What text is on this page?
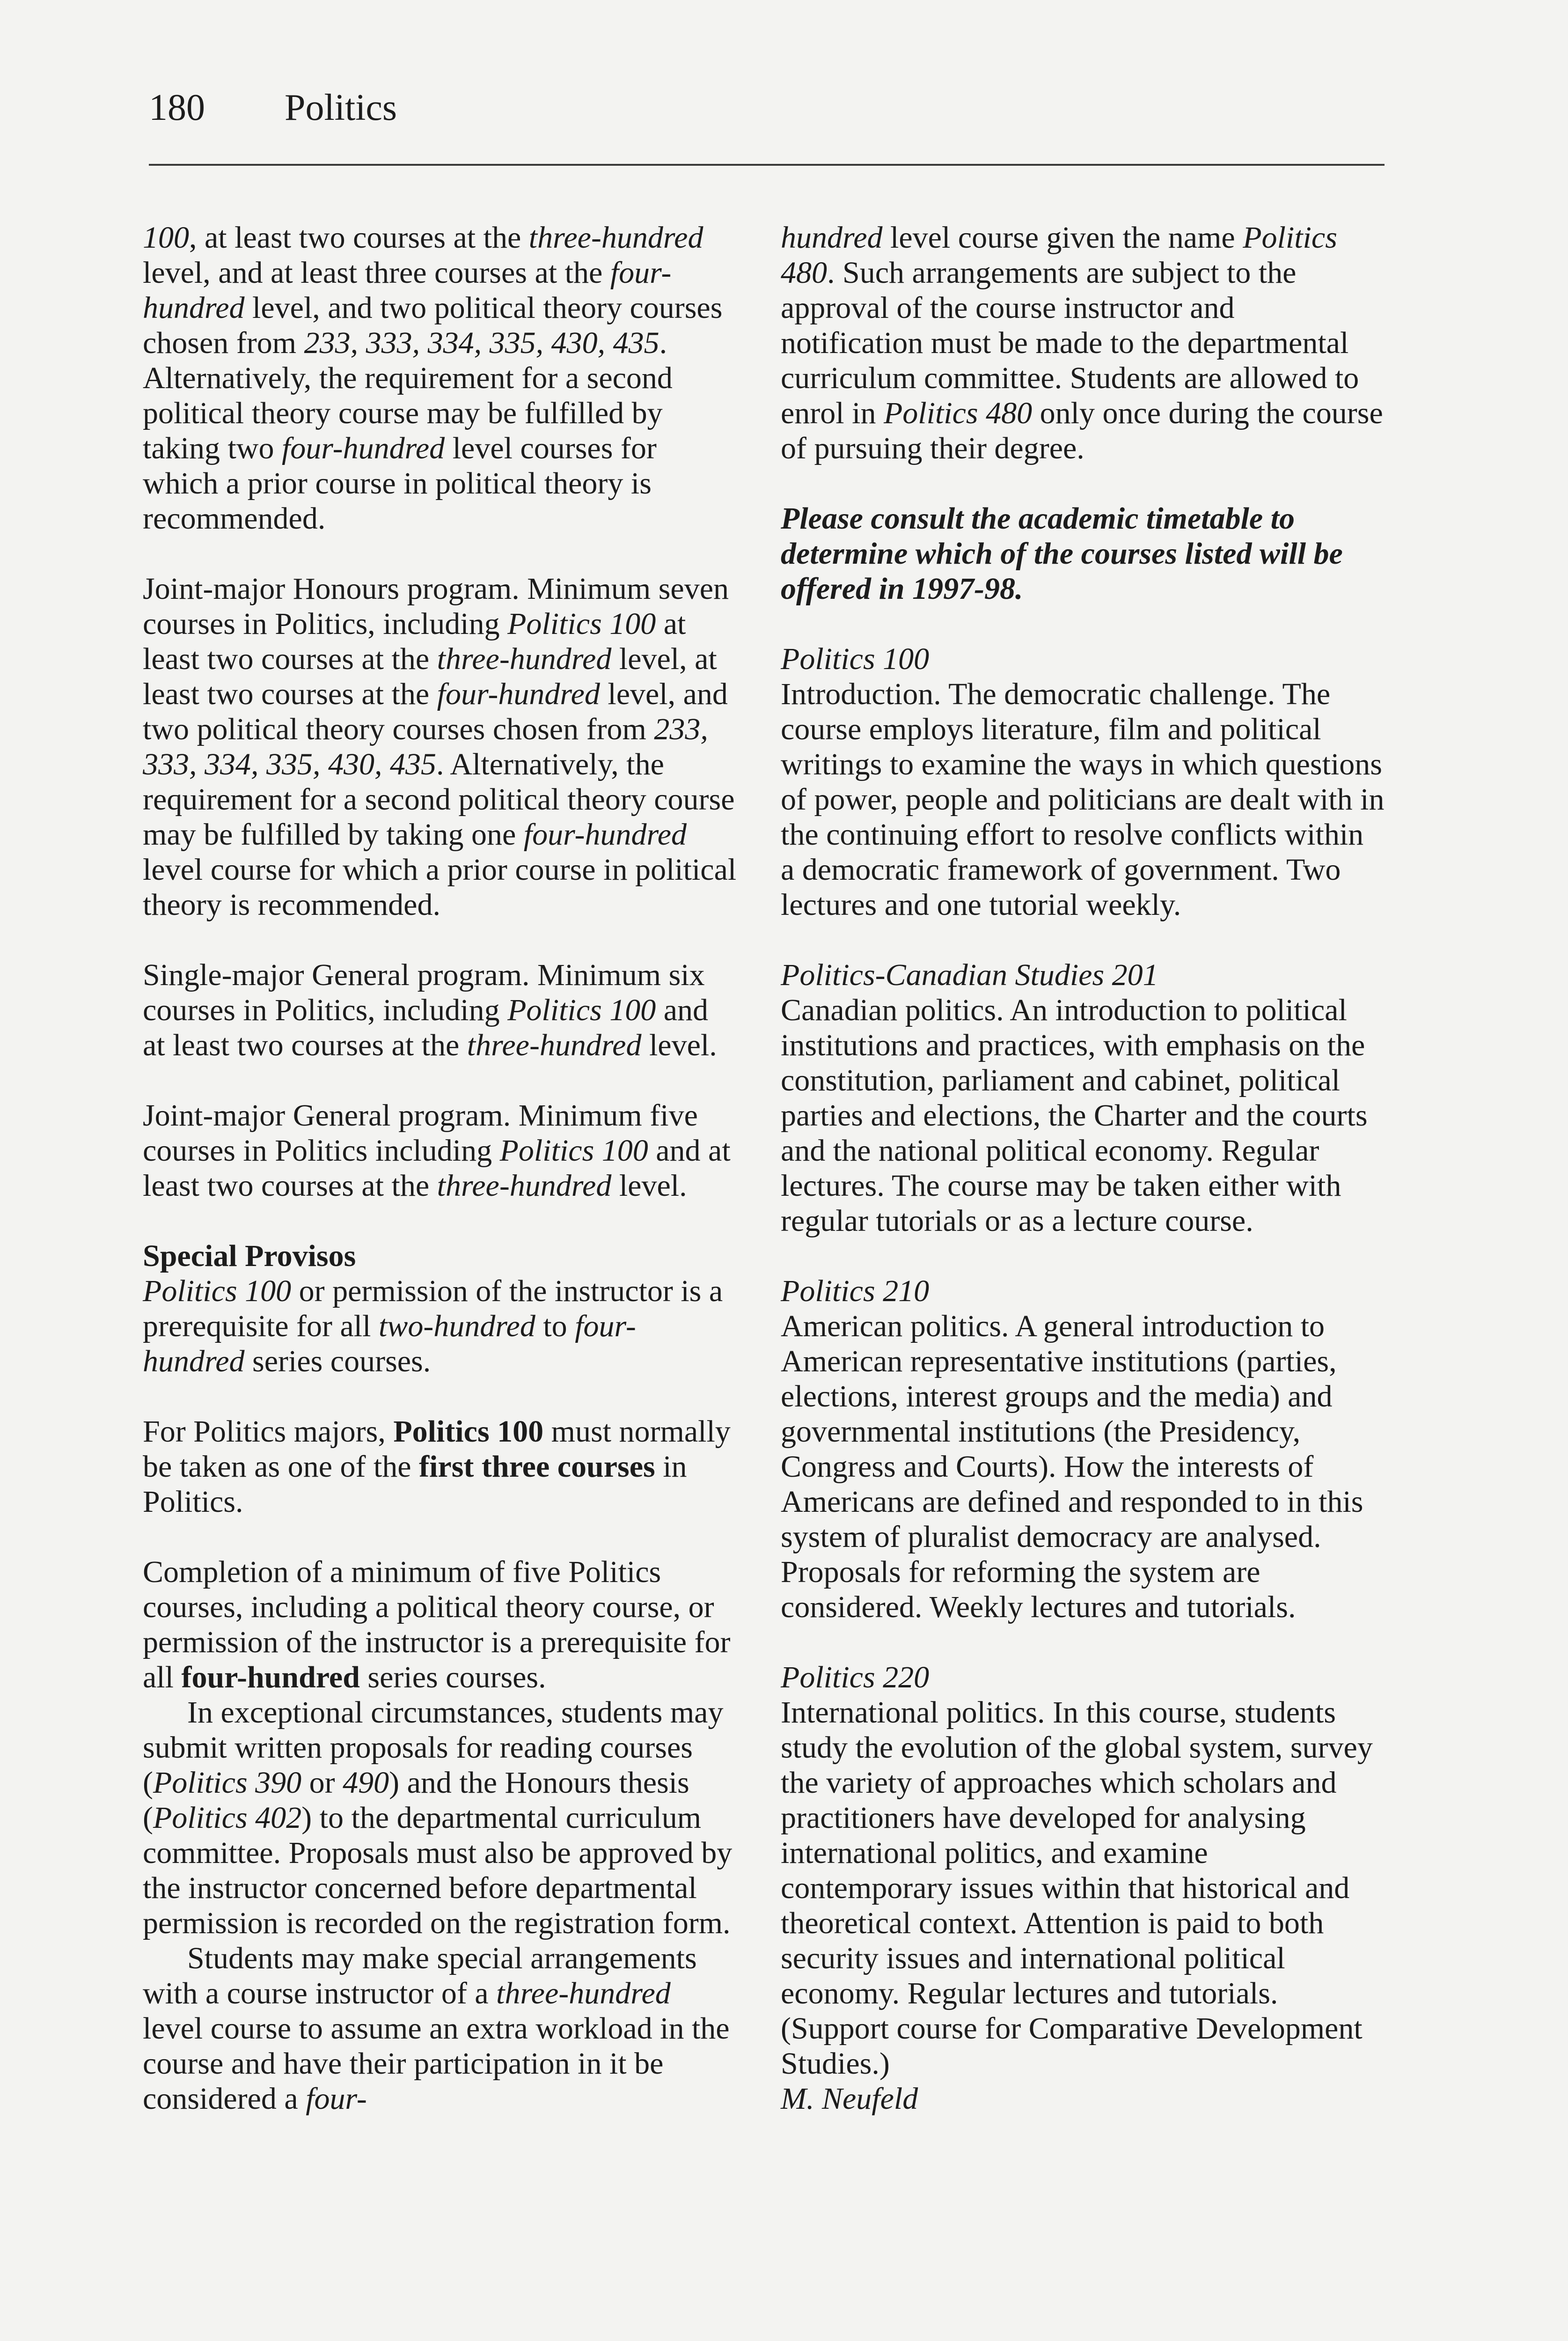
180 Politics

100, at least two courses at the three-hundred level, and at least three courses at the four-hundred level, and two political theory courses chosen from 233, 333, 334, 335, 430, 435. Alternatively, the requirement for a second political theory course may be fulfilled by taking two four-hundred level courses for which a prior course in political theory is recommended.

Joint-major Honours program. Minimum seven courses in Politics, including Politics 100 at least two courses at the three-hundred level, at least two courses at the four-hundred level, and two political theory courses chosen from 233, 333, 334, 335, 430, 435. Alternatively, the requirement for a second political theory course may be fulfilled by taking one four-hundred level course for which a prior course in political theory is recommended.

Single-major General program. Minimum six courses in Politics, including Politics 100 and at least two courses at the three-hundred level.

Joint-major General program. Minimum five courses in Politics including Politics 100 and at least two courses at the three-hundred level.

Special Provisos
Politics 100 or permission of the instructor is a prerequisite for all two-hundred to four-hundred series courses.

For Politics majors, Politics 100 must normally be taken as one of the first three courses in Politics.

Completion of a minimum of five Politics courses, including a political theory course, or permission of the instructor is a prerequisite for all four-hundred series courses.

In exceptional circumstances, students may submit written proposals for reading courses (Politics 390 or 490) and the Honours thesis (Politics 402) to the departmental curriculum committee. Proposals must also be approved by the instructor concerned before departmental permission is recorded on the registration form.

Students may make special arrangements with a course instructor of a three-hundred level course to assume an extra workload in the course and have their participation in it be considered a four-

hundred level course given the name Politics 480. Such arrangements are subject to the approval of the course instructor and notification must be made to the departmental curriculum committee. Students are allowed to enrol in Politics 480 only once during the course of pursuing their degree.

Please consult the academic timetable to determine which of the courses listed will be offered in 1997-98.

Politics 100
Introduction. The democratic challenge. The course employs literature, film and political writings to examine the ways in which questions of power, people and politicians are dealt with in the continuing effort to resolve conflicts within a democratic framework of government. Two lectures and one tutorial weekly.
Politics-Canadian Studies 201
Canadian politics. An introduction to political institutions and practices, with emphasis on the constitution, parliament and cabinet, political parties and elections, the Charter and the courts and the national political economy. Regular lectures. The course may be taken either with regular tutorials or as a lecture course.
Politics 210
American politics. A general introduction to American representative institutions (parties, elections, interest groups and the media) and governmental institutions (the Presidency, Congress and Courts). How the interests of Americans are defined and responded to in this system of pluralist democracy are analysed. Proposals for reforming the system are considered. Weekly lectures and tutorials.
Politics 220
International politics. In this course, students study the evolution of the global system, survey the variety of approaches which scholars and practitioners have developed for analysing international politics, and examine contemporary issues within that historical and theoretical context. Attention is paid to both security issues and international political economy. Regular lectures and tutorials. (Support course for Comparative Development Studies.)
M. Neufeld
